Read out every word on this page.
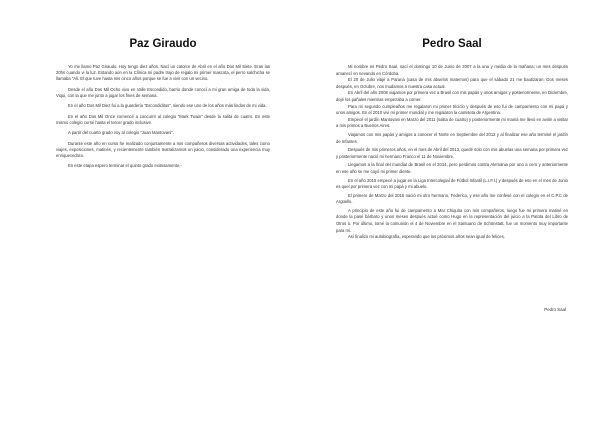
Paz Giraudo

Yo me llamo Paz Giraudo. Hoy tengo diez años. Nací un catorce de Abril en el año Dos Mil Siete. Eran las 20hs cuando vi la luz. Estando aún en la Clínica mi padre trajo de regalo mi primer mascota, el perro salchicha se llamaba “Ali. El que tuve hasta mis cinco años porque se fue a vivir con un vecino.

Desde el año Dos Mil Ocho vivo en Valle Escondido, barrio donde conocí a mi gran amiga de toda la vida, Viqui, con la que me junto a jugar los fines de semana.

En el año Dos Mil Diez fui a la guardería “Escondiditos”, siendo ese uno de los años más lindos de mi vida.

En el año Dos Mil Once comencé a concurrir al colegio “Mark Twain” desde la salita de cuatro. En este mismo colegio cursé hasta el tercer grado inclusive.

A partir del cuarto grado voy al colegio “Juan Mantovani”.

Durante este año en curso he realizado conjuntamente a mis compañeros diversas actividades, tales como viajes, exposiciones, matinés, y recientemente también teatralizamos un juicio, considerado una experiencia muy enriquecedora.

En este etapa espero terminar el quinto grado exitosamente.-

Pedro Saal

Mi nombre es Pedro Saal, nací el domingo 10 de Junio de 2007 a la una y media de la mañana; un mes después amanecí en nevando en Córdoba.

El 20 de Julio viajé a Paraná (casa de mis abuelos maternos) para que el sábado 21 me bautizaran. Dos meses después, en Octubre, nos mudamos a nuestra casa actual.

En Abril del año 2008 viajamos por primera vez a Brasil con mis papás y unos amigos y posteriormente, en Diciembre, dejé los pañales mientras empezaba a comer.

Para mi segundo cumpleaños me regalaron mi primer triciclo y después de eso fui de campamento con mi papá y unos amigos. En el 2010 vivi mi primer mundial y me regalaron la camiseta de Argentina.

Empecé el jardín Mantovani en Marzo del 2011 (salita de cuatro) y posteriormente mi mamá me llevó en avión a visitar a mis primos a Buenos Aires.

Viajamos con mis papás y amigos a conocer el Norte en Septiembre del 2012 y al finalizar ese año terminé el jardín de Infantes.

Después de mis primeros años, en el mes de Abril del 2013, quedé solo con mis abuelas una semana por primera vez y posteriormente nació mi hermano Franco el 11 de Noviembre.

Llegamos a la final del mundial de Brasil en el 2014, pero perdimos contra Alemania por uno a cero y anteriormente en ese año se me cayó mi primer diente.

En el año 2015 empecé a jugar en la Liga Intercolegial de Fútbol Infantil (L.I.F.I.) y después de eso en el mes de Junio es quel por primera vez con mi papá y mi abuelo.

El primero de Marzo del 2016 nació mi otro hermano, Federico, y ese año me confesé con el colegio en el C.P.C de Argüello.

A principio de este año fui de campamento a Mar Chiquita con mis compañeros, luego fue mi primera matiné en donde la pasé bárbaro y unos meses después actué como Hugo en la representación del juicio a la Patota del Libro de Otros o. Por último, tomé la comunión el 4 de Noviembre en el Santuario de Schönstatt, fue un momento muy importante para mí.

Así finalizo mi autobiografía, esperando que los próximos años sean igual de felices.

Pedro Saal
